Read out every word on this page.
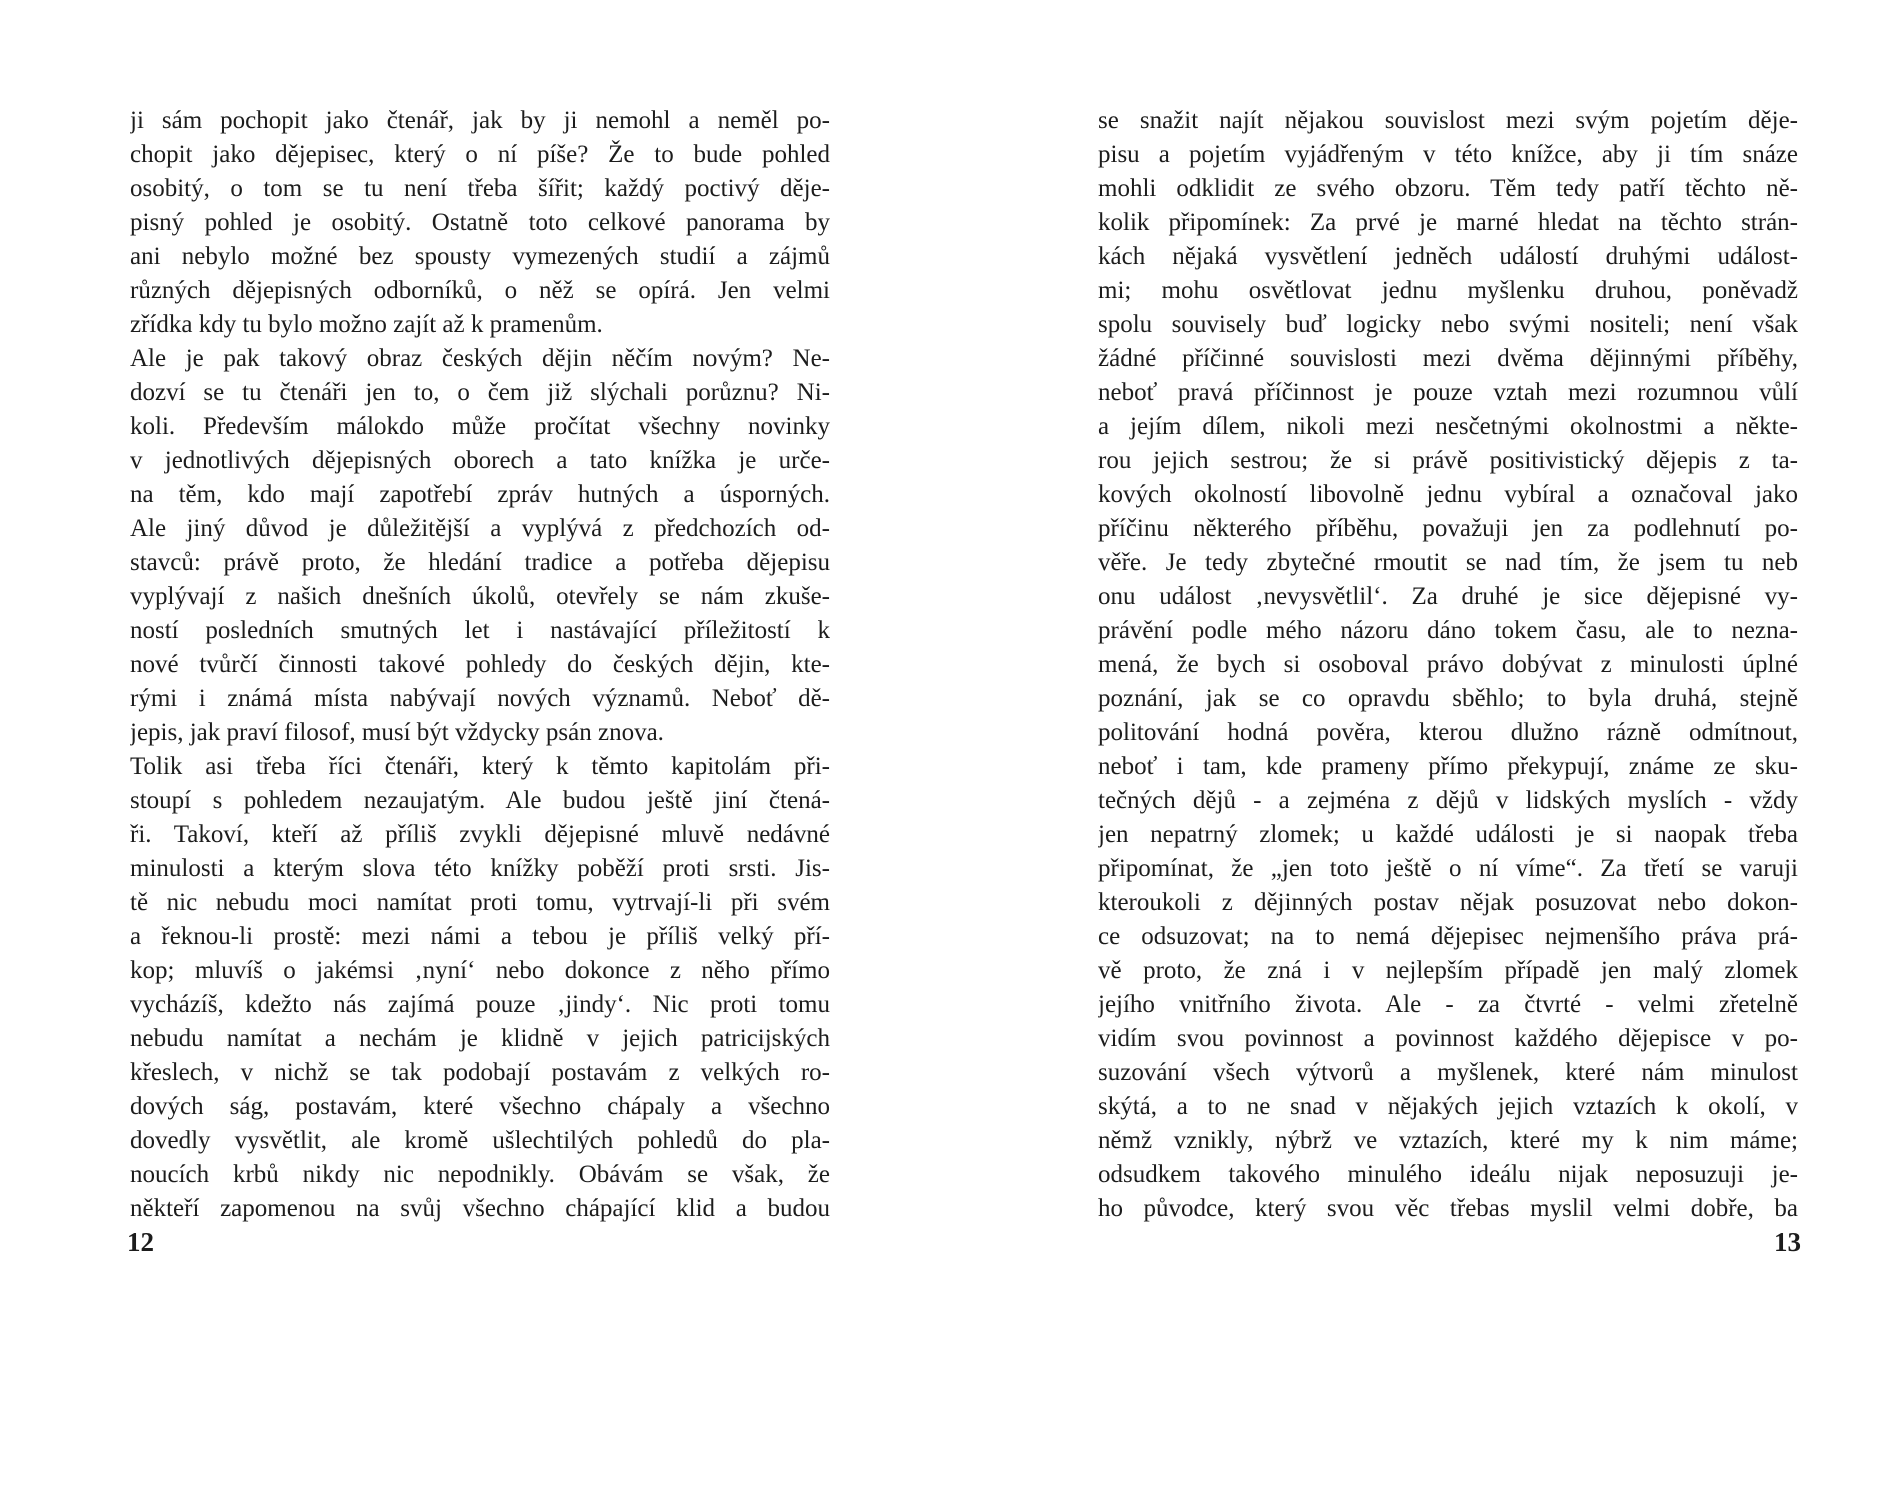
ji sám pochopit jako čtenář, jak by ji nemohl a neměl po-
chopit jako dějepisec, který o ní píše? Že to bude pohled
osobitý, o tom se tu není třeba šířit; každý poctivý děje-
pisný pohled je osobitý. Ostatně toto celkové panorama by
ani nebylo možné bez spousty vymezených studií a zájmů
různých dějepisných odborníků, o něž se opírá. Jen velmi
zřídka kdy tu bylo možno zajít až k pramenům.
Ale je pak takový obraz českých dějin něčím novým? Ne-
dozví se tu čtenáři jen to, o čem již slýchali porůznu? Ni-
koli. Především málokdo může pročítat všechny novinky
v jednotlivých dějepisných oborech a tato knížka je urče-
na těm, kdo mají zapotřebí zpráv hutných a úsporných.
Ale jiný důvod je důležitější a vyplývá z předchozích od-
stavců: právě proto, že hledání tradice a potřeba dějepisu
vyplývají z našich dnešních úkolů, otevřely se nám zkuše-
ností posledních smutných let i nastávající příležitostí k
nové tvůrčí činnosti takové pohledy do českých dějin, kte-
rými i známá místa nabývají nových významů. Neboť dě-
jepis, jak praví filosof, musí být vždycky psán znova.
Tolik asi třeba říci čtenáři, který k těmto kapitolám při-
stoupí s pohledem nezaujatým. Ale budou ještě jiní čtená-
ři. Takoví, kteří až příliš zvykli dějepisné mluvě nedávné
minulosti a kterým slova této knížky poběží proti srsti. Jis-
tě nic nebudu moci namítat proti tomu, vytrvají-li při svém
a řeknou-li prostě: mezi námi a tebou je příliš velký pří-
kop; mluvíš o jakémsi ‚nyní‘ nebo dokonce z něho přímo
vycházíš, kdežto nás zajímá pouze ‚jindy‘. Nic proti tomu
nebudu namítat a nechám je klidně v jejich patricijských
křeslech, v nichž se tak podobají postavám z velkých ro-
dových ság, postavám, které všechno chápaly a všechno
dovedly vysvětlit, ale kromě ušlechtilých pohledů do pla-
noucích krbů nikdy nic nepodnikly. Obávám se však, že
někteří zapomenou na svůj všechno chápající klid a budou
12
se snažit najít nějakou souvislost mezi svým pojetím děje-
pisu a pojetím vyjádřeným v této knížce, aby ji tím snáze
mohli odklidit ze svého obzoru. Těm tedy patří těchto ně-
kolik připomínek: Za prvé je marné hledat na těchto strán-
kách nějaká vysvětlení jedněch událostí druhými událost-
mi; mohu osvětlovat jednu myšlenku druhou, poněvadž
spolu souvisely buď logicky nebo svými nositeli; není však
žádné příčinné souvislosti mezi dvěma dějinnými příběhy,
neboť pravá příčinnost je pouze vztah mezi rozumnou vůlí
a jejím dílem, nikoli mezi nesčetnými okolnostmi a někte-
rou jejich sestrou; že si právě positivistický dějepis z ta-
kových okolností libovolně jednu vybíral a označoval jako
příčinu některého příběhu, považuji jen za podlehnutí po-
věře. Je tedy zbytečné rmoutit se nad tím, že jsem tu neb
onu událost ‚nevysvětlil‘. Za druhé je sice dějepisné vy-
právění podle mého názoru dáno tokem času, ale to nezna-
mená, že bych si osoboval právo dobývat z minulosti úplné
poznání, jak se co opravdu sběhlo; to byla druhá, stejně
politování hodná pověra, kterou dlužno rázně odmítnout,
neboť i tam, kde prameny přímo překypují, známe ze sku-
tečných dějů - a zejména z dějů v lidských myslích - vždy
jen nepatrný zlomek; u každé události je si naopak třeba
připomínat, že „jen toto ještě o ní víme“. Za třetí se varuji
kteroukoli z dějinných postav nějak posuzovat nebo dokon-
ce odsuzovat; na to nemá dějepisec nejmenšího práva prá-
vě proto, že zná i v nejlepším případě jen malý zlomek
jejího vnitřního života. Ale - za čtvrté - velmi zřetelně
vidím svou povinnost a povinnost každého dějepisce v po-
suzování všech výtvorů a myšlenek, které nám minulost
skýtá, a to ne snad v nějakých jejich vztazích k okolí, v
němž vznikly, nýbrž ve vztazích, které my k nim máme;
odsudkem takového minulého ideálu nijak neposuzuji je-
ho původce, který svou věc třebas myslil velmi dobře, ba
13
